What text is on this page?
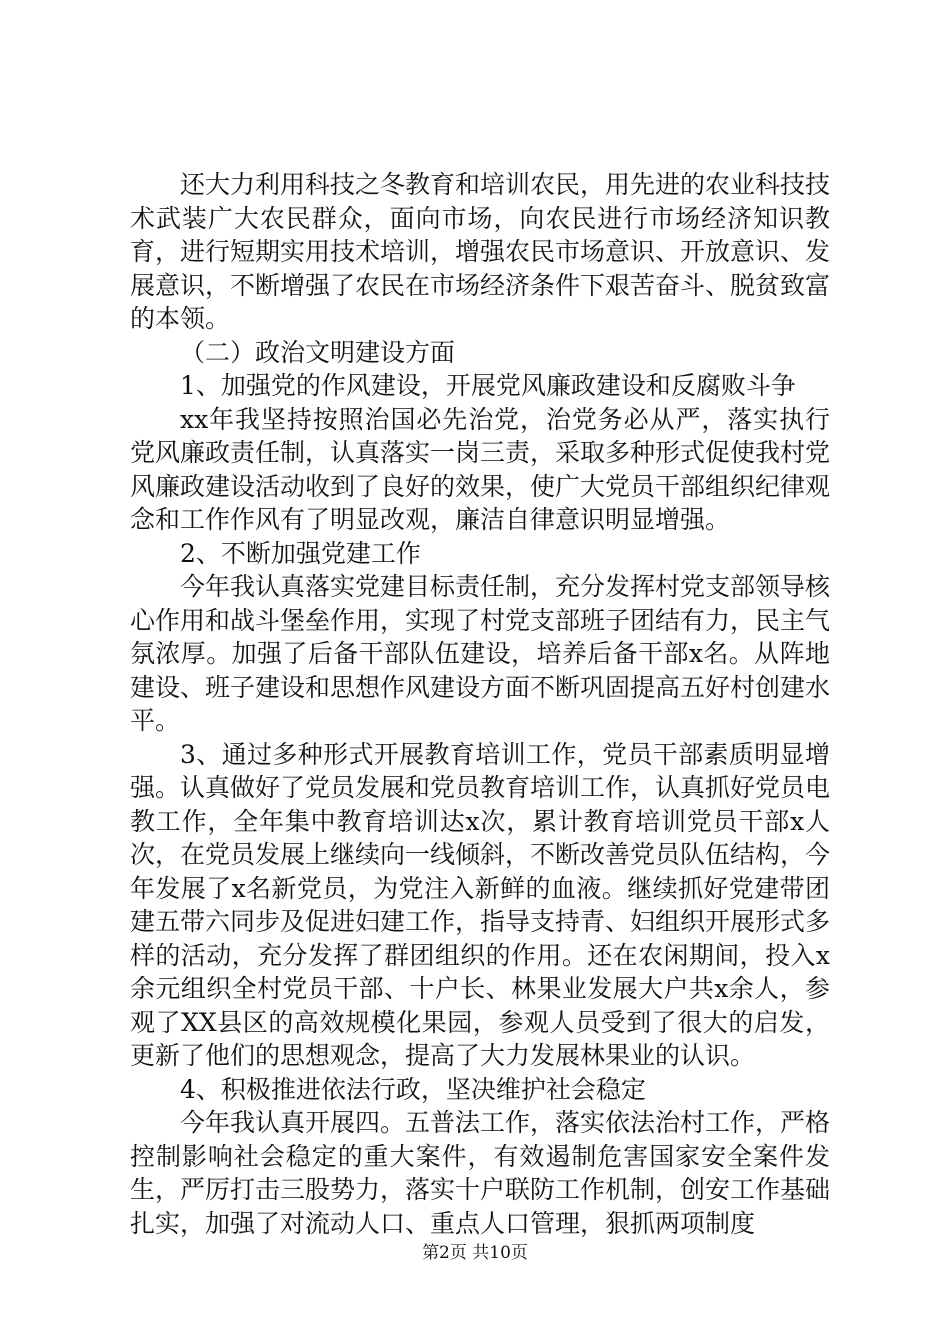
还大力利用科技之冬教育和培训农民，用先进的农业科技技术武装广大农民群众，面向市场，向农民进行市场经济知识教育，进行短期实用技术培训，增强农民市场意识、开放意识、发展意识，不断增强了农民在市场经济条件下艰苦奋斗、脱贫致富的本领。

（二）政治文明建设方面

1、加强党的作风建设，开展党风廉政建设和反腐败斗争

xx年我坚持按照治国必先治党，治党务必从严，落实执行党风廉政责任制，认真落实一岗三责，采取多种形式促使我村党风廉政建设活动收到了良好的效果，使广大党员干部组织纪律观念和工作作风有了明显改观，廉洁自律意识明显增强。

2、不断加强党建工作

今年我认真落实党建目标责任制，充分发挥村党支部领导核心作用和战斗堡垒作用，实现了村党支部班子团结有力，民主气氛浓厚。加强了后备干部队伍建设，培养后备干部x名。从阵地建设、班子建设和思想作风建设方面不断巩固提高五好村创建水平。

3、通过多种形式开展教育培训工作，党员干部素质明显增强。认真做好了党员发展和党员教育培训工作，认真抓好党员电教工作，全年集中教育培训达x次，累计教育培训党员干部x人次，在党员发展上继续向一线倾斜，不断改善党员队伍结构，今年发展了x名新党员，为党注入新鲜的血液。继续抓好党建带团建五带六同步及促进妇建工作，指导支持青、妇组织开展形式多样的活动，充分发挥了群团组织的作用。还在农闲期间，投入x余元组织全村党员干部、十户长、林果业发展大户共x余人，参观了XX县区的高效规模化果园，参观人员受到了很大的启发，更新了他们的思想观念，提高了大力发展林果业的认识。

4、积极推进依法行政，坚决维护社会稳定

今年我认真开展四。五普法工作，落实依法治村工作，严格控制影响社会稳定的重大案件，有效遏制危害国家安全案件发生，严厉打击三股势力，落实十户联防工作机制，创安工作基础扎实，加强了对流动人口、重点人口管理，狠抓两项制度

第2页 共10页
